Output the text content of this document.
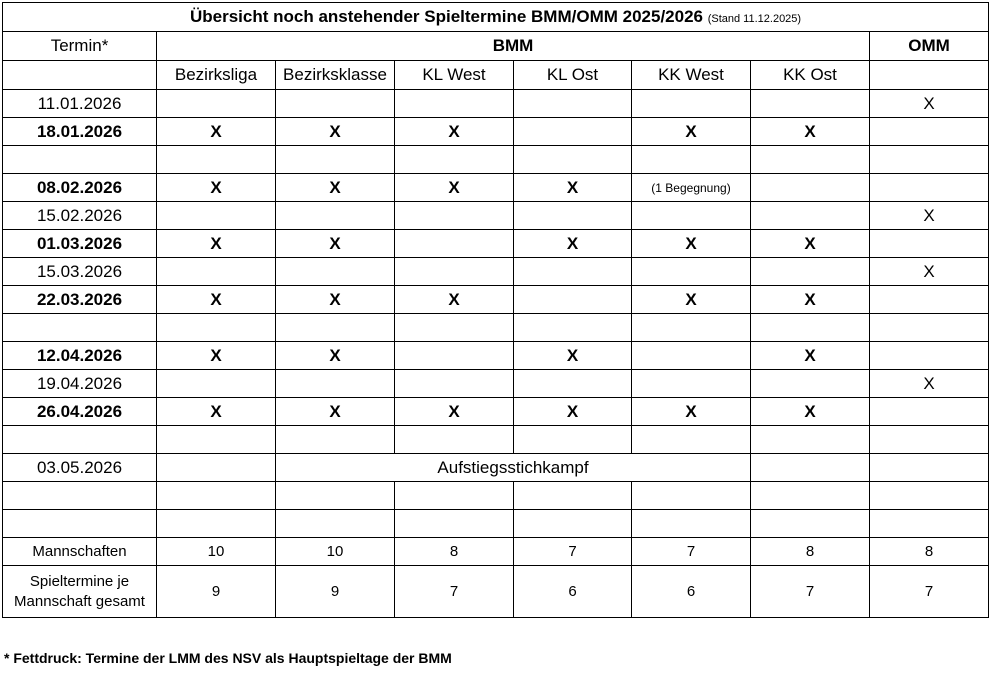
Übersicht noch anstehender Spieltermine BMM/OMM 2025/2026 (Stand 11.12.2025)							
Termin*	BMM						OMM
	Bezirksliga	Bezirksklasse	KL West	KL Ost	KK West	KK Ost	
11.01.2026							X
18.01.2026	X	X	X		X	X	

08.02.2026	X	X	X	X	(1 Begegnung)		
15.02.2026							X
01.03.2026	X	X		X	X	X	
15.03.2026							X
22.03.2026	X	X	X		X	X	

12.04.2026	X	X		X		X	
19.04.2026							X
26.04.2026	X	X	X	X	X	X	

03.05.2026		Aufstiegsstichkampf					

Mannschaften	10	10	8	7	7	8	8
Spieltermine je
Mannschaft gesamt	9	9	7	6	6	7	7
* Fettdruck: Termine der LMM des NSV als Hauptspieltage der BMM
